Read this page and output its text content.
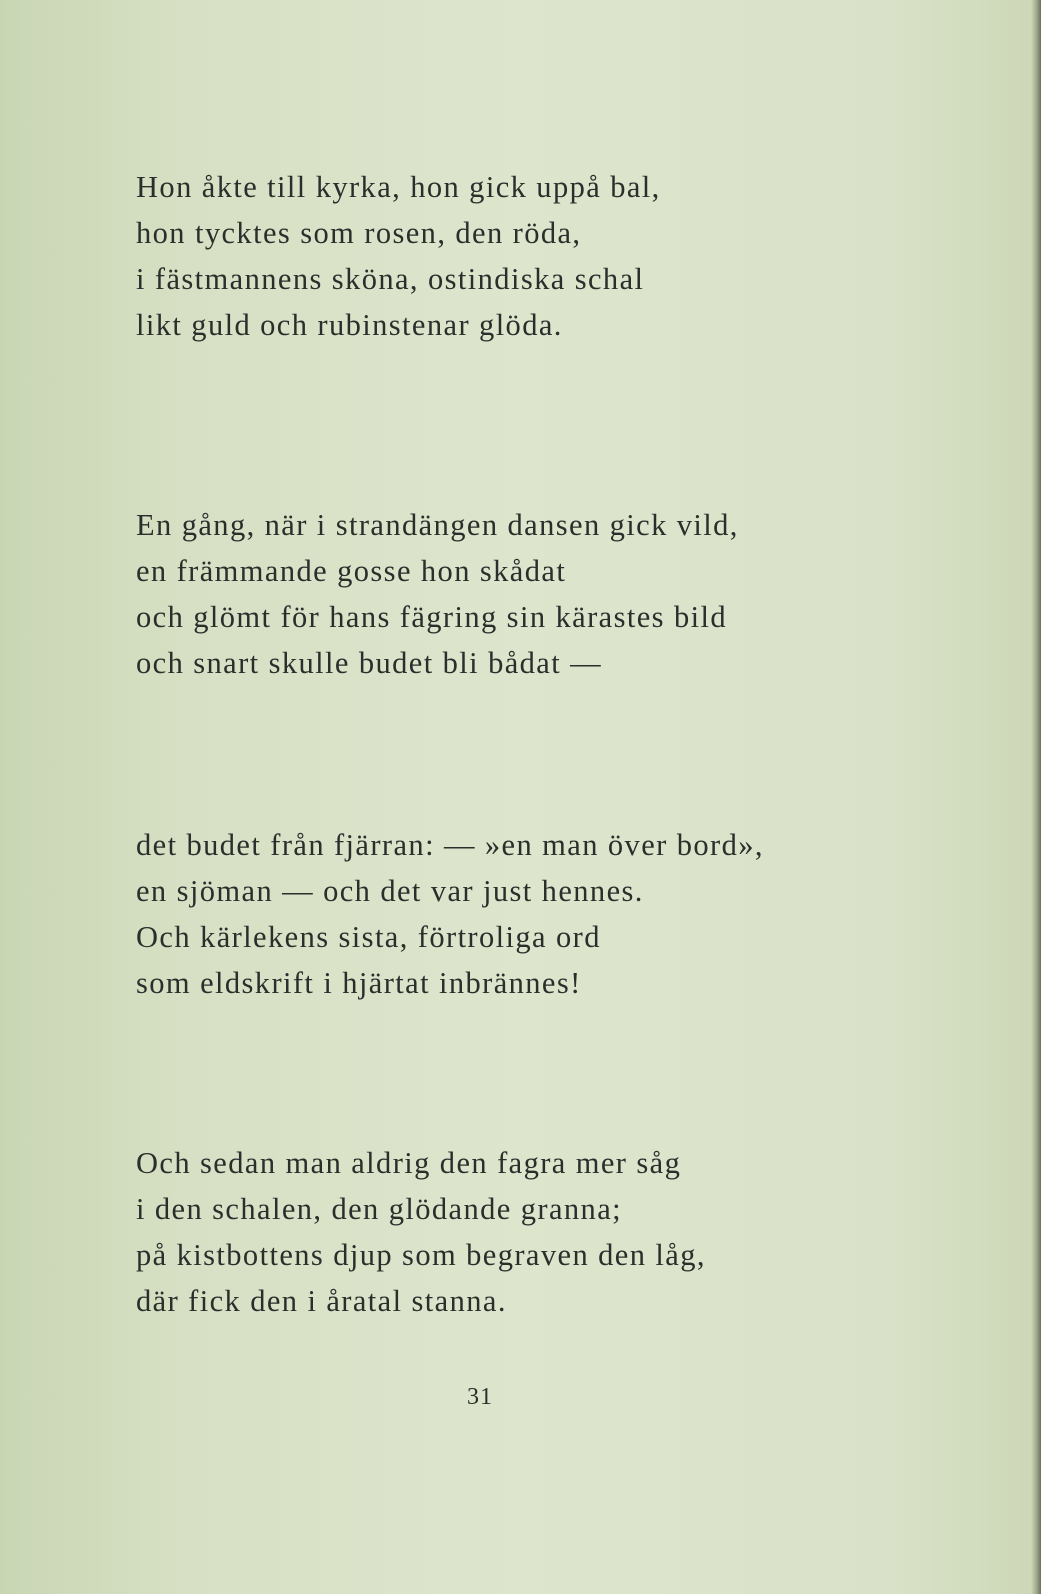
Hon åkte till kyrka, hon gick uppå bal,
hon tycktes som rosen, den röda,
i fästmannens sköna, ostindiska schal
likt guld och rubinstenar glöda.
En gång, när i strandängen dansen gick vild,
en främmande gosse hon skådat
och glömt för hans fägring sin kärastes bild
och snart skulle budet bli bådat —
det budet från fjärran: — »en man över bord»,
en sjöman — och det var just hennes.
Och kärlekens sista, förtroliga ord
som eldskrift i hjärtat inbrännes!
Och sedan man aldrig den fagra mer såg
i den schalen, den glödande granna;
på kistbottens djup som begraven den låg,
där fick den i åratal stanna.
31
